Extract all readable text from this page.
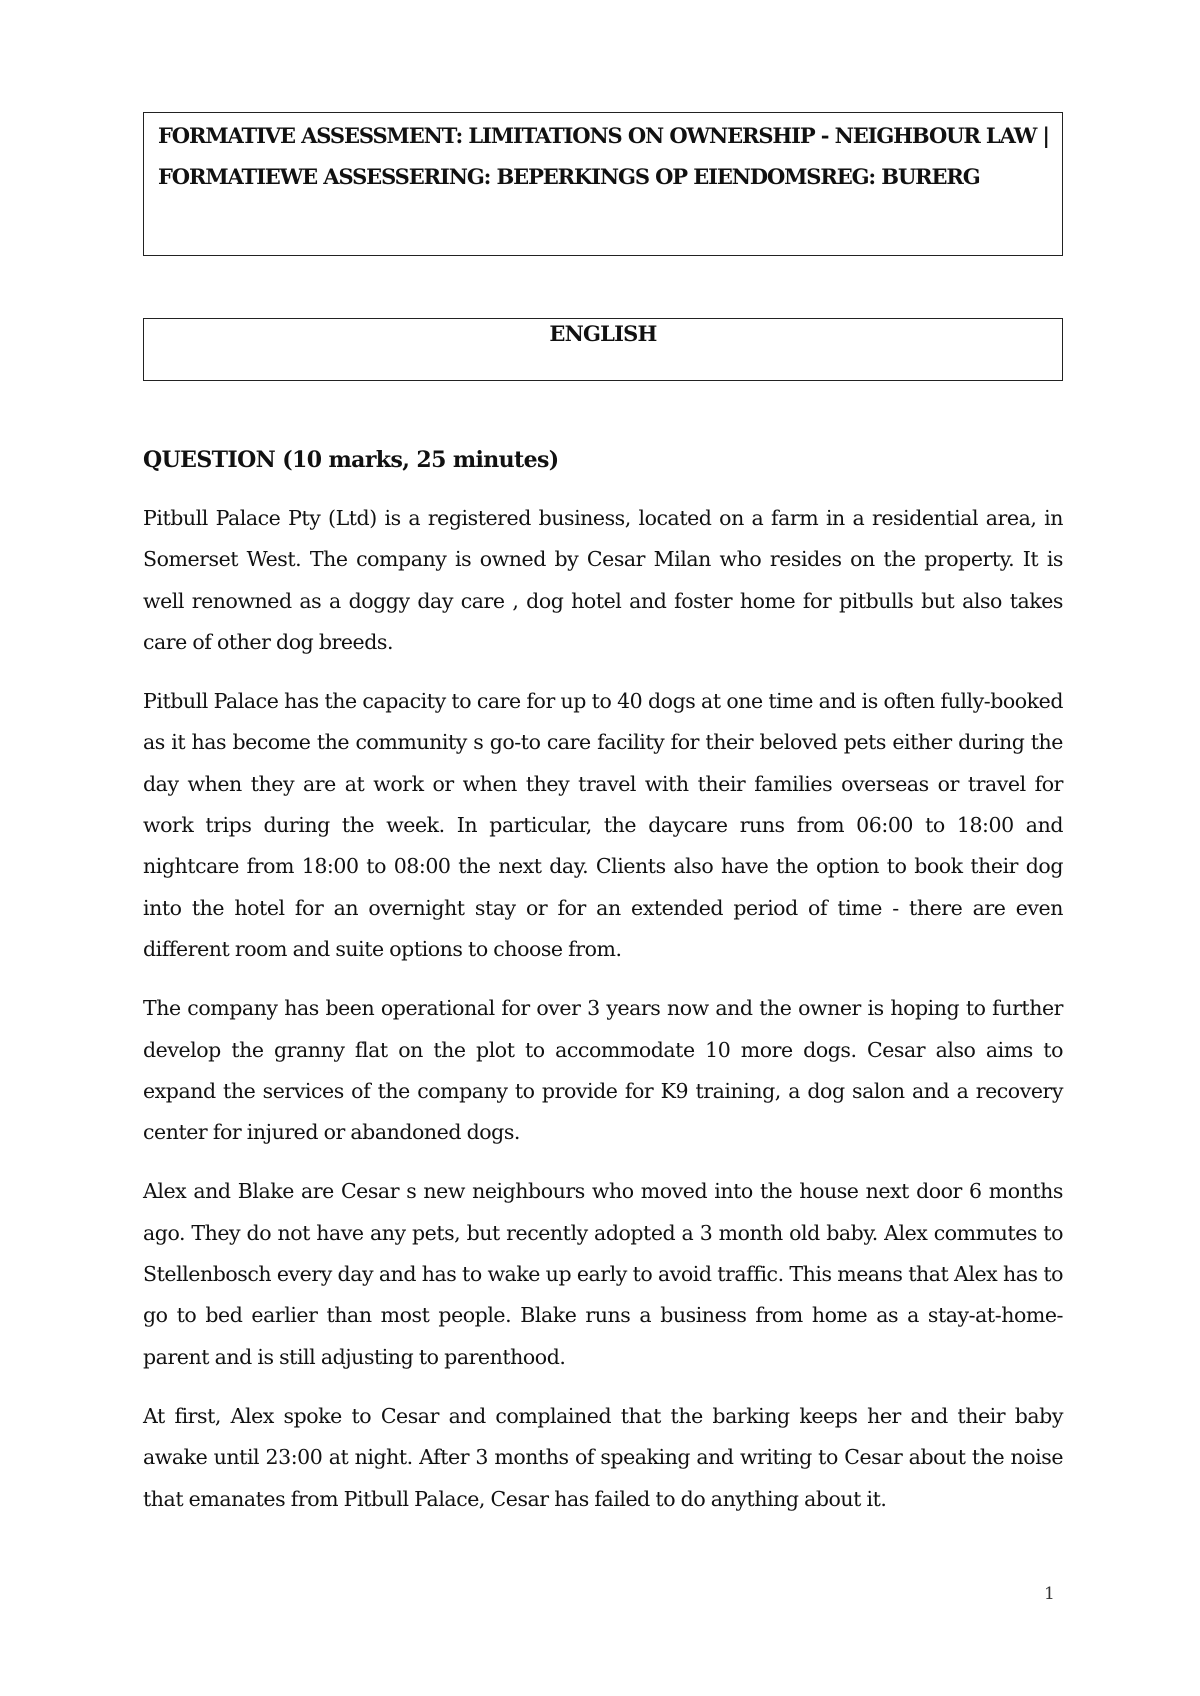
FORMATIVE ASSESSMENT: LIMITATIONS ON OWNERSHIP - NEIGHBOUR LAW | FORMATIEWE ASSESSERING: BEPERKINGS OP EIENDOMSREG: BURERG

ENGLISH

QUESTION (10 marks, 25 minutes)

Pitbull Palace Pty (Ltd) is a registered business, located on a farm in a residential area, in Somerset West. The company is owned by Cesar Milan who resides on the property. It is well renowned as a doggy day care , dog hotel and foster home for pitbulls but also takes care of other dog breeds.

Pitbull Palace has the capacity to care for up to 40 dogs at one time and is often fully-booked as it has become the community s go-to care facility for their beloved pets either during the day when they are at work or when they travel with their families overseas or travel for work trips during the week. In particular, the daycare runs from 06:00 to 18:00 and nightcare from 18:00 to 08:00 the next day. Clients also have the option to book their dog into the hotel for an overnight stay or for an extended period of time - there are even different room and suite options to choose from.

The company has been operational for over 3 years now and the owner is hoping to further develop the granny flat on the plot to accommodate 10 more dogs. Cesar also aims to expand the services of the company to provide for K9 training, a dog salon and a recovery center for injured or abandoned dogs.

Alex and Blake are Cesar s new neighbours who moved into the house next door 6 months ago. They do not have any pets, but recently adopted a 3 month old baby. Alex commutes to Stellenbosch every day and has to wake up early to avoid traffic. This means that Alex has to go to bed earlier than most people. Blake runs a business from home as a stay-at-home-parent and is still adjusting to parenthood.

At first, Alex spoke to Cesar and complained that the barking keeps her and their baby awake until 23:00 at night. After 3 months of speaking and writing to Cesar about the noise that emanates from Pitbull Palace, Cesar has failed to do anything about it.

1
